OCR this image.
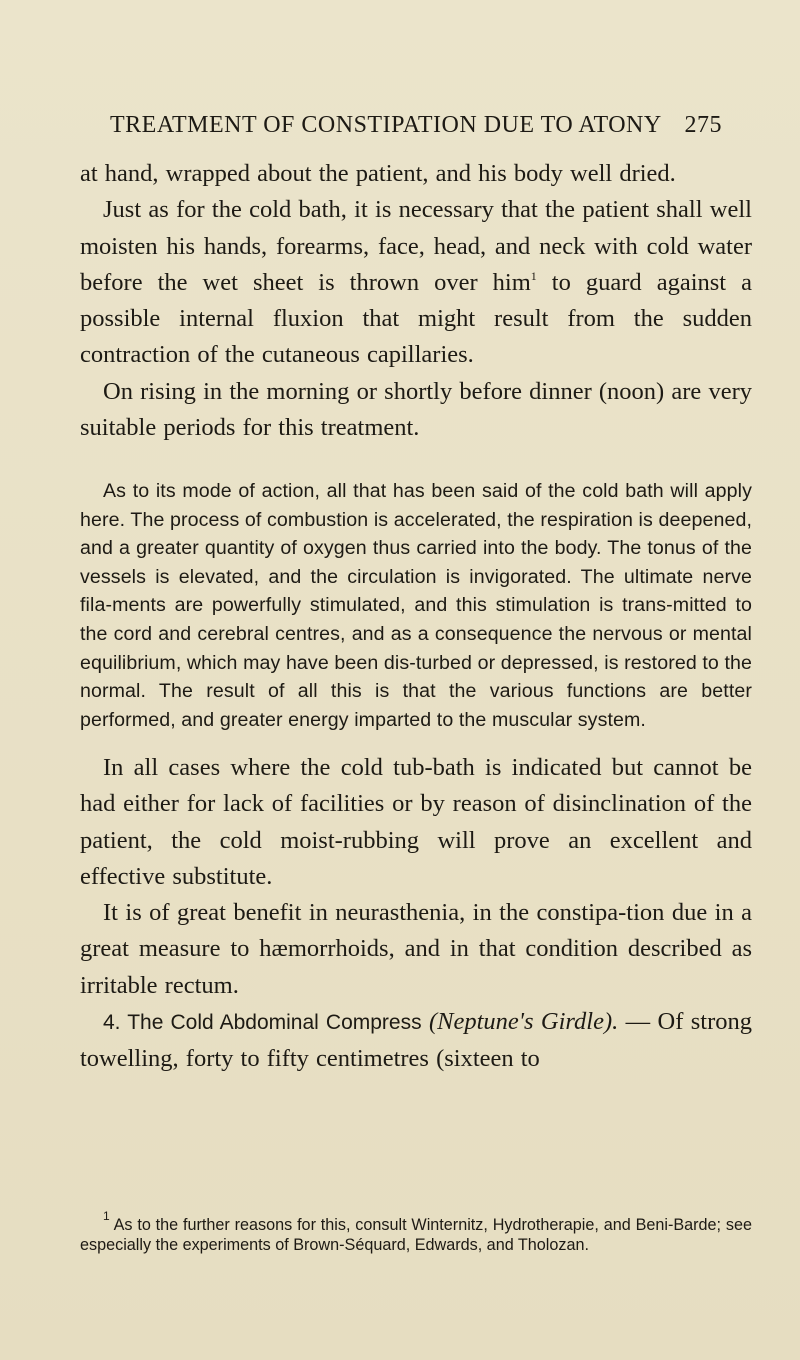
TREATMENT OF CONSTIPATION DUE TO ATONY 275

at hand, wrapped about the patient, and his body well dried.

Just as for the cold bath, it is necessary that the patient shall well moisten his hands, forearms, face, head, and neck with cold water before the wet sheet is thrown over him$^1$ to guard against a possible internal fluxion that might result from the sudden contraction of the cutaneous capillaries.

On rising in the morning or shortly before dinner (noon) are very suitable periods for this treatment.

As to its mode of action, all that has been said of the cold bath will apply here. The process of combustion is accelerated, the respiration is deepened, and a greater quantity of oxygen thus carried into the body. The tonus of the vessels is elevated, and the circulation is invigorated. The ultimate nerve fila-ments are powerfully stimulated, and this stimulation is trans-mitted to the cord and cerebral centres, and as a consequence the nervous or mental equilibrium, which may have been dis-turbed or depressed, is restored to the normal. The result of all this is that the various functions are better performed, and greater energy imparted to the muscular system.

In all cases where the cold tub-bath is indicated but cannot be had either for lack of facilities or by reason of disinclination of the patient, the cold moist-rubbing will prove an excellent and effective substitute.

It is of great benefit in neurasthenia, in the constipa-tion due in a great measure to hæmorrhoids, and in that condition described as irritable rectum.

4. The Cold Abdominal Compress (Neptune's Girdle). — Of strong towelling, forty to fifty centimetres (sixteen to

$^1$ As to the further reasons for this, consult Winternitz, Hydrotherapie, and Beni-Barde; see especially the experiments of Brown-Séquard, Edwards, and Tholozan.
